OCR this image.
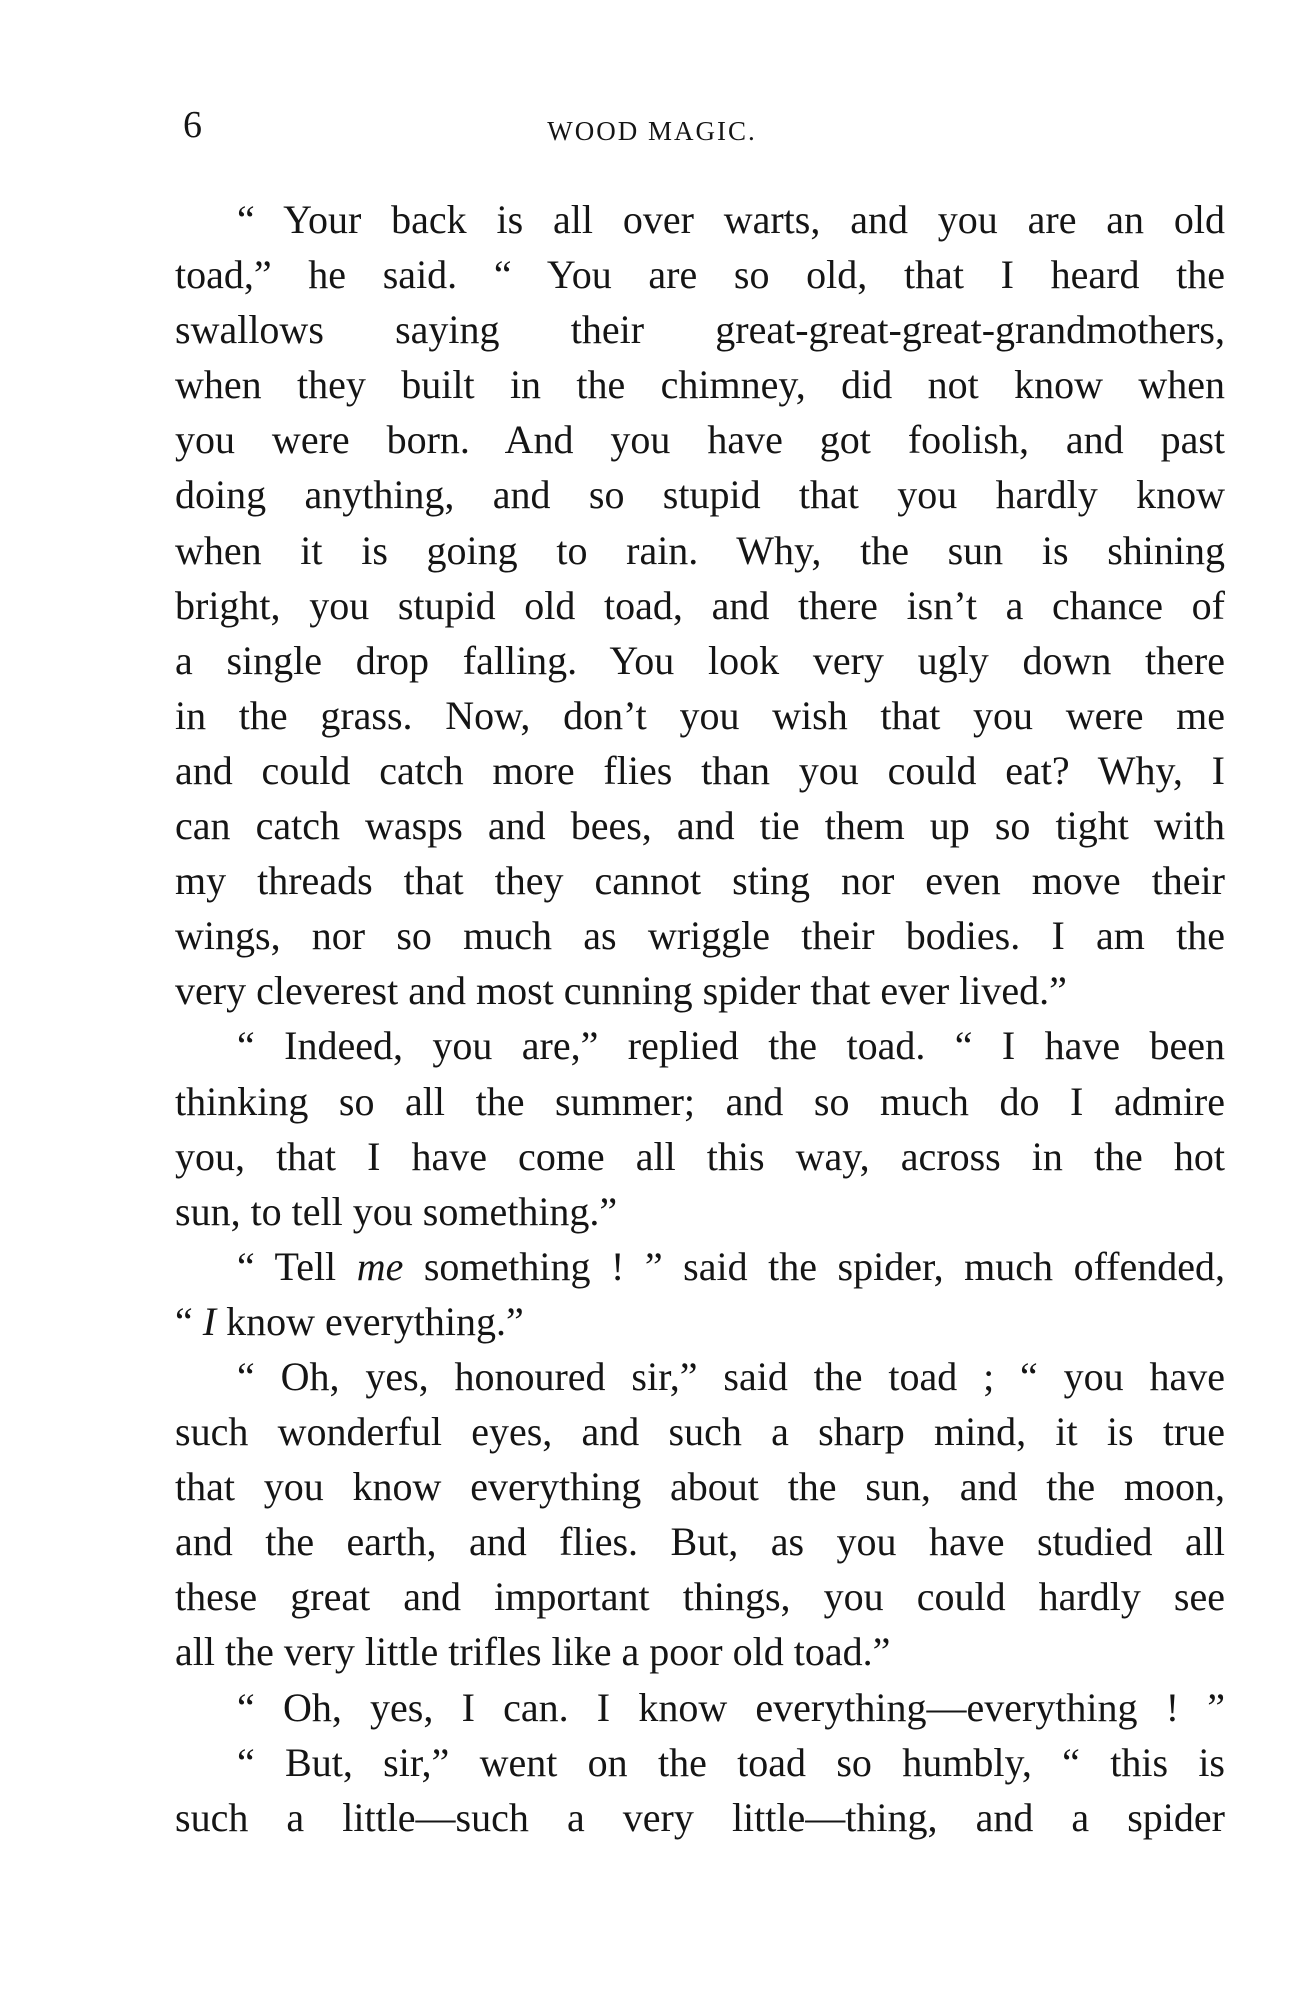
6	WOOD MAGIC.
“ Your back is all over warts, and you are an old
toad,” he said. “ You are so old, that I heard the
swallows saying their great-great-great-grandmothers,
when they built in the chimney, did not know when
you were born. And you have got foolish, and past
doing anything, and so stupid that you hardly know
when it is going to rain. Why, the sun is shining
bright, you stupid old toad, and there isn’t a chance of
a single drop falling. You look very ugly down there
in the grass. Now, don’t you wish that you were me
and could catch more flies than you could eat? Why, I
can catch wasps and bees, and tie them up so tight with
my threads that they cannot sting nor even move their
wings, nor so much as wriggle their bodies. I am the
very cleverest and most cunning spider that ever lived.”
“ Indeed, you are,” replied the toad. “ I have been
thinking so all the summer; and so much do I admire
you, that I have come all this way, across in the hot
sun, to tell you something.”
“ Tell me something ! ” said the spider, much offended,
“ I know everything.”
“ Oh, yes, honoured sir,” said the toad ; “ you have
such wonderful eyes, and such a sharp mind, it is true
that you know everything about the sun, and the moon,
and the earth, and flies. But, as you have studied all
these great and important things, you could hardly see
all the very little trifles like a poor old toad.”
“ Oh, yes, I can. I know everything—everything ! ”
“ But, sir,” went on the toad so humbly, “ this is
such a little—such a very little—thing, and a spider
